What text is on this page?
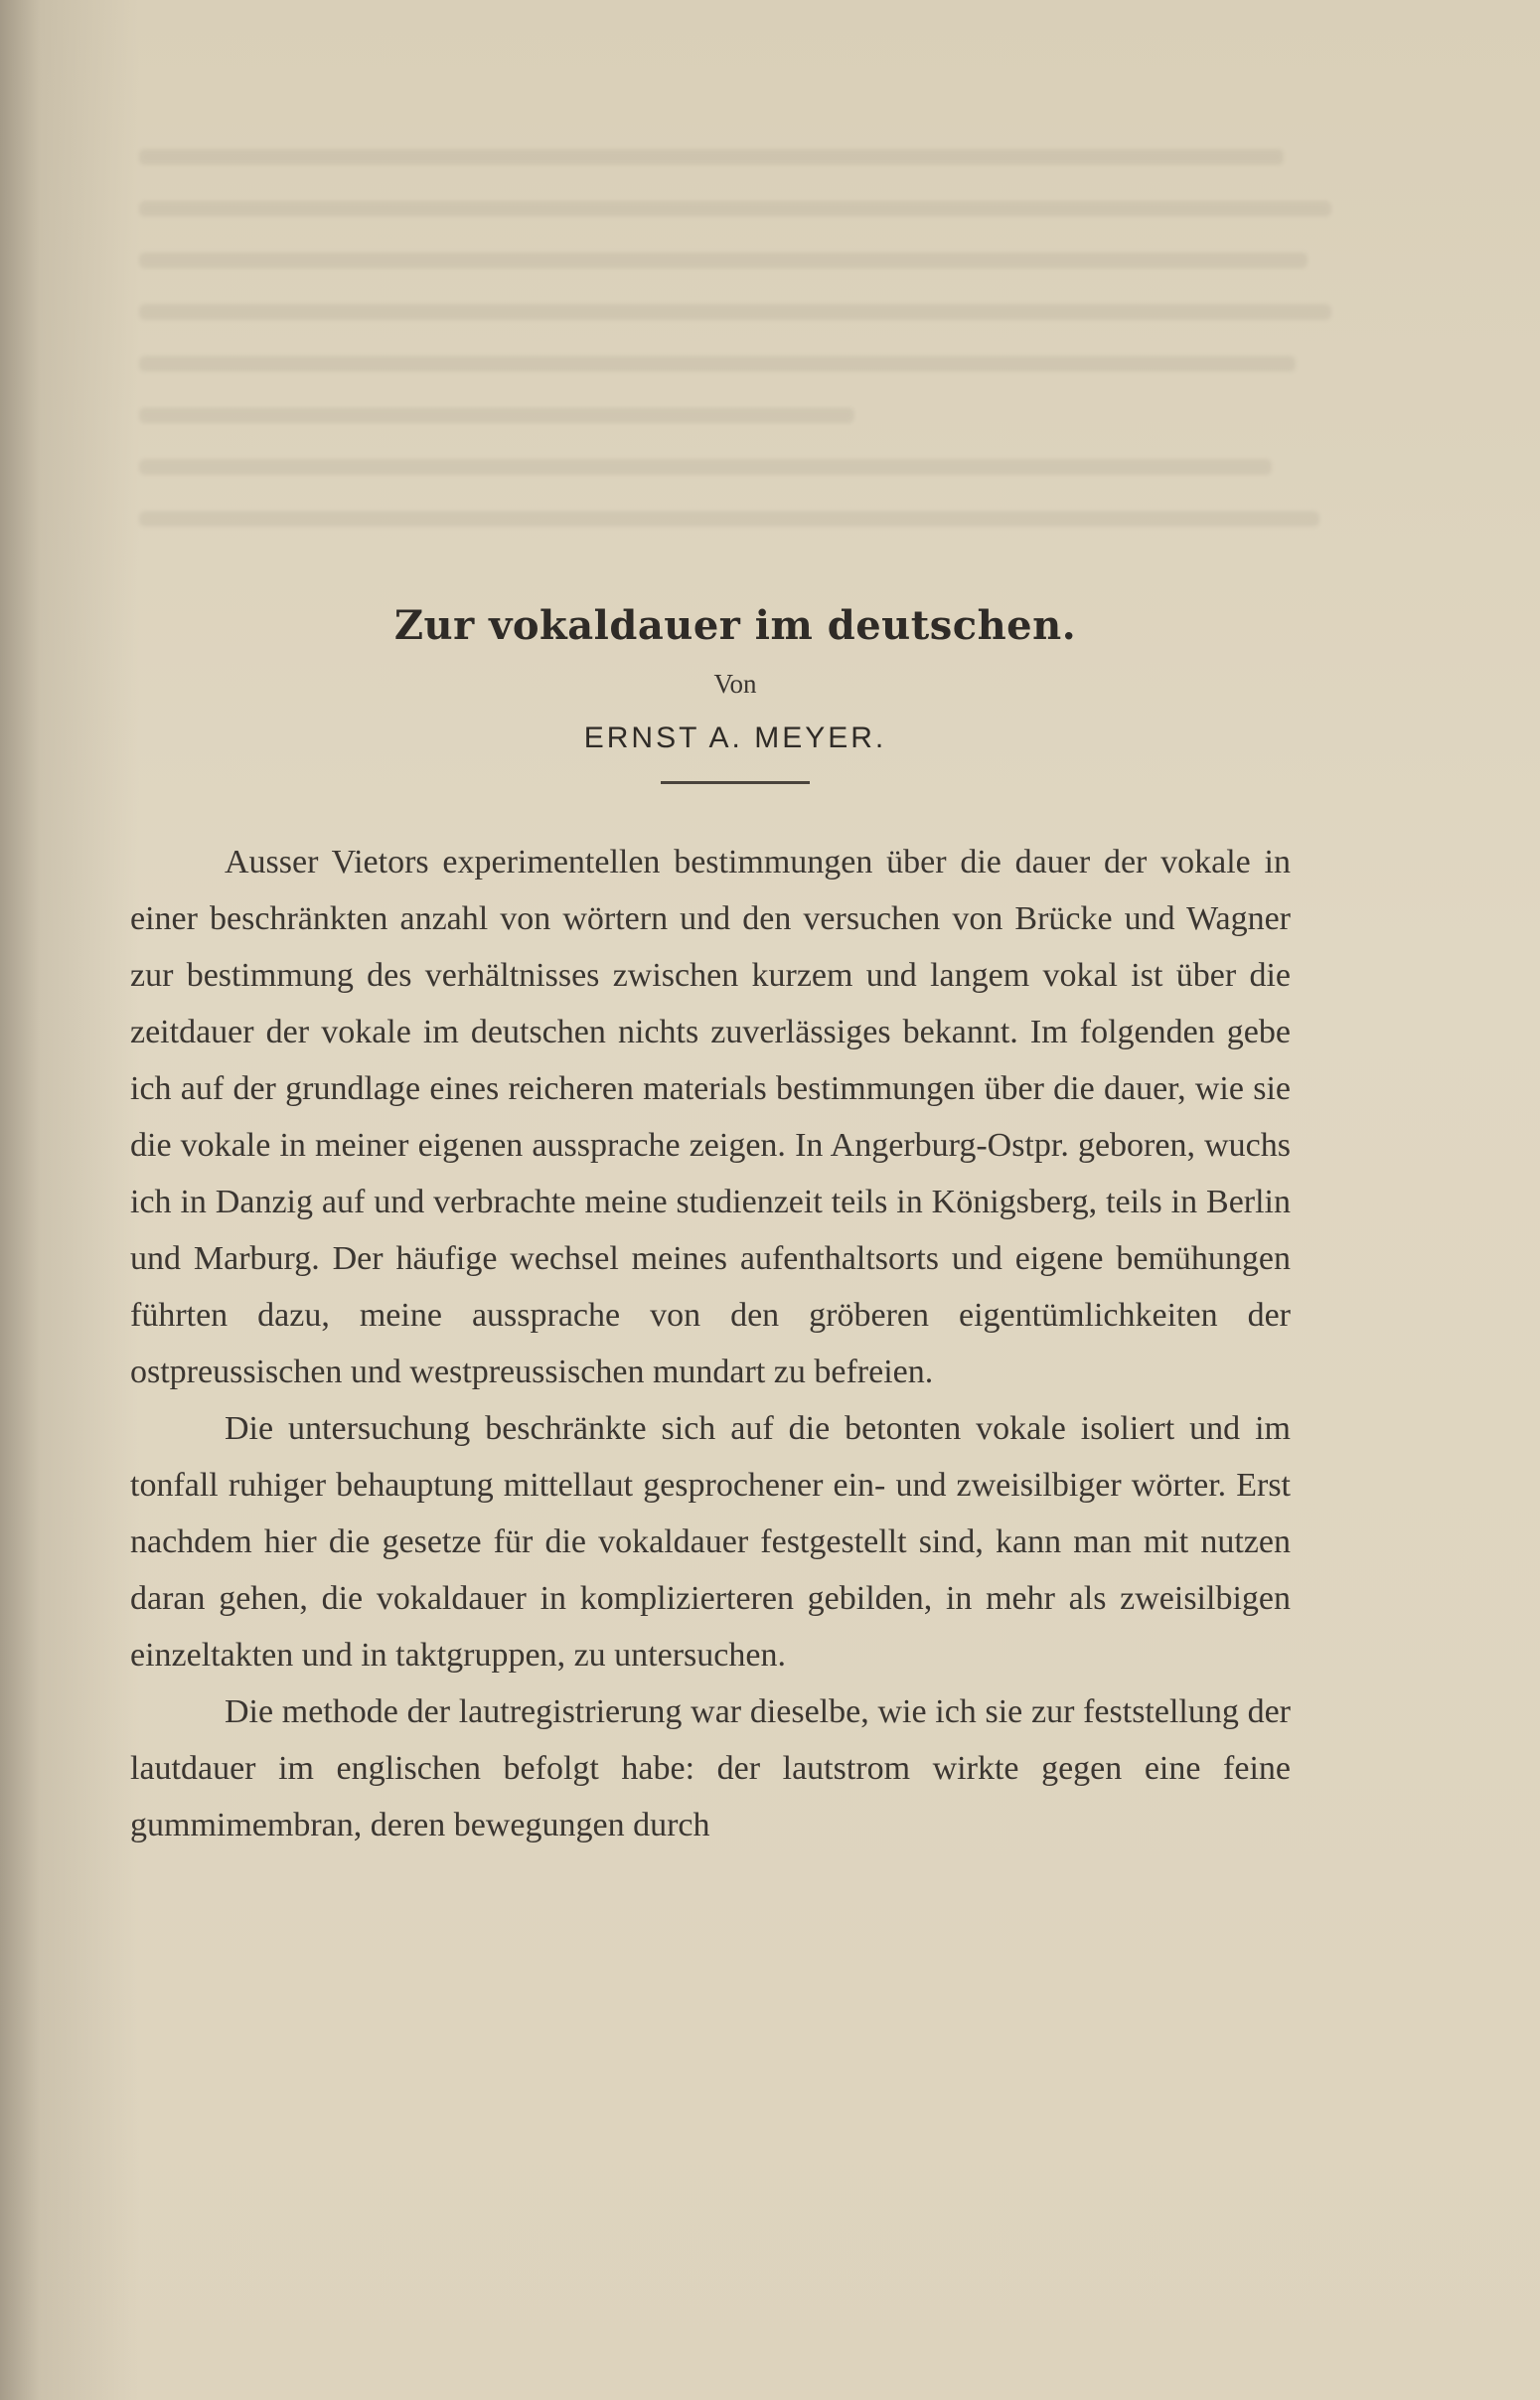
Zur vokaldauer im deutschen.
Von
ERNST A. MEYER.

Ausser Vietors experimentellen bestimmungen über die dauer der vokale in einer beschränkten anzahl von wörtern und den versuchen von Brücke und Wagner zur bestimmung des verhältnisses zwischen kurzem und langem vokal ist über die zeitdauer der vokale im deutschen nichts zuverlässiges bekannt. Im folgenden gebe ich auf der grundlage eines reicheren materials bestimmungen über die dauer, wie sie die vokale in meiner eigenen aussprache zeigen. In Angerburg-Ostpr. geboren, wuchs ich in Danzig auf und verbrachte meine studienzeit teils in Königsberg, teils in Berlin und Marburg. Der häufige wechsel meines aufenthaltsorts und eigene bemühungen führten dazu, meine aussprache von den gröberen eigentümlichkeiten der ostpreussischen und westpreussischen mundart zu befreien.

Die untersuchung beschränkte sich auf die betonten vokale isoliert und im tonfall ruhiger behauptung mittellaut gesprochener ein- und zweisilbiger wörter. Erst nachdem hier die gesetze für die vokaldauer festgestellt sind, kann man mit nutzen daran gehen, die vokaldauer in komplizierteren gebilden, in mehr als zweisilbigen einzeltakten und in taktgruppen, zu untersuchen.

Die methode der lautregistrierung war dieselbe, wie ich sie zur feststellung der lautdauer im englischen befolgt habe: der lautstrom wirkte gegen eine feine gummimembran, deren bewegungen durch
